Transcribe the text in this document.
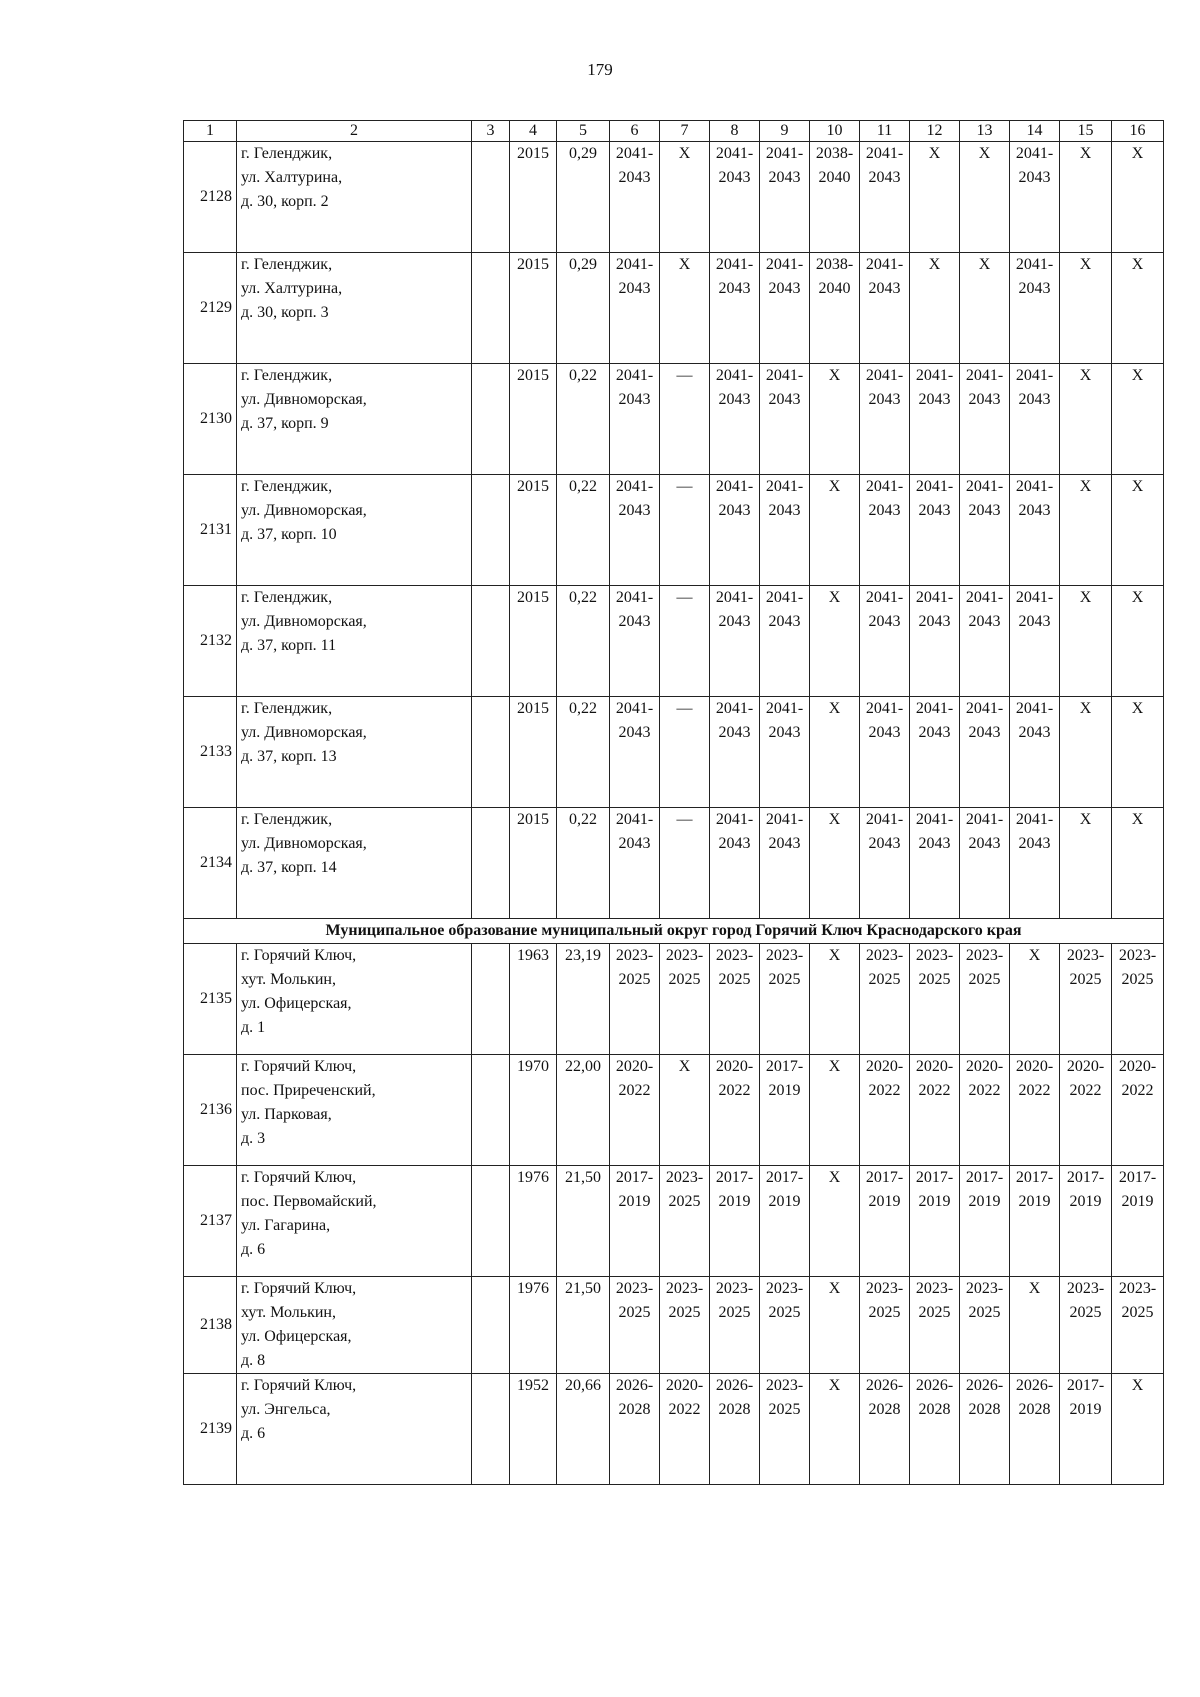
179
1	2	3	4	5	6	7	8	9	10	11	12	13	14	15	16
2128	г. Геленджик,
ул. Халтурина,
д. 30, корп. 2		2015	0,29	2041-
2043	X	2041-
2043	2041-
2043	2038-
2040	2041-
2043	X	X	2041-
2043	X	X

2129	г. Геленджик,
ул. Халтурина,
д. 30, корп. 3		2015	0,29	2041-
2043	X	2041-
2043	2041-
2043	2038-
2040	2041-
2043	X	X	2041-
2043	X	X

2130	г. Геленджик,
ул. Дивноморская,
д. 37, корп. 9		2015	0,22	2041-
2043	—	2041-
2043	2041-
2043	X	2041-
2043	2041-
2043	2041-
2043	2041-
2043	X	X

2131	г. Геленджик,
ул. Дивноморская,
д. 37, корп. 10		2015	0,22	2041-
2043	—	2041-
2043	2041-
2043	X	2041-
2043	2041-
2043	2041-
2043	2041-
2043	X	X

2132	г. Геленджик,
ул. Дивноморская,
д. 37, корп. 11		2015	0,22	2041-
2043	—	2041-
2043	2041-
2043	X	2041-
2043	2041-
2043	2041-
2043	2041-
2043	X	X

2133	г. Геленджик,
ул. Дивноморская,
д. 37, корп. 13		2015	0,22	2041-
2043	—	2041-
2043	2041-
2043	X	2041-
2043	2041-
2043	2041-
2043	2041-
2043	X	X

2134	г. Геленджик,
ул. Дивноморская,
д. 37, корп. 14		2015	0,22	2041-
2043	—	2041-
2043	2041-
2043	X	2041-
2043	2041-
2043	2041-
2043	2041-
2043	X	X

Муниципальное образование муниципальный округ город Горячий Ключ Краснодарского края															
2135	г. Горячий Ключ,
хут. Молькин,
ул. Офицерская,
д. 1		1963	23,19	2023-
2025	2023-
2025	2023-
2025	2023-
2025	X	2023-
2025	2023-
2025	2023-
2025	X	2023-
2025	2023-
2025

2136	г. Горячий Ключ,
пос. Приреченский,
ул. Парковая,
д. 3		1970	22,00	2020-
2022	X	2020-
2022	2017-
2019	X	2020-
2022	2020-
2022	2020-
2022	2020-
2022	2020-
2022	2020-
2022

2137	г. Горячий Ключ,
пос. Первомайский,
ул. Гагарина,
д. 6		1976	21,50	2017-
2019	2023-
2025	2017-
2019	2017-
2019	X	2017-
2019	2017-
2019	2017-
2019	2017-
2019	2017-
2019	2017-
2019

2138	г. Горячий Ключ,
хут. Молькин,
ул. Офицерская,
д. 8		1976	21,50	2023-
2025	2023-
2025	2023-
2025	2023-
2025	X	2023-
2025	2023-
2025	2023-
2025	X	2023-
2025	2023-
2025

2139	г. Горячий Ключ,
ул. Энгельса,
д. 6		1952	20,66	2026-
2028	2020-
2022	2026-
2028	2023-
2025	X	2026-
2028	2026-
2028	2026-
2028	2026-
2028	2017-
2019	X
